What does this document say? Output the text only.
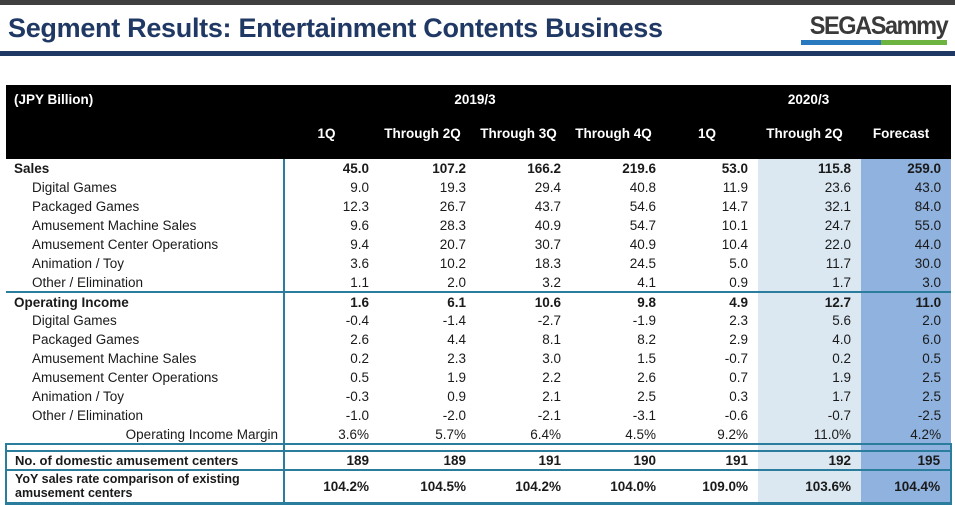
Segment Results: Entertainment Contents Business	SEGASammy
(JPY Billion)	2019/3				2020/3		
	1Q	Through 2Q	Through 3Q	Through 4Q	1Q	Through 2Q	Forecast
Sales	45.0	107.2	166.2	219.6	53.0	115.8	259.0
Digital Games	9.0	19.3	29.4	40.8	11.9	23.6	43.0
Packaged Games	12.3	26.7	43.7	54.6	14.7	32.1	84.0
Amusement Machine Sales	9.6	28.3	40.9	54.7	10.1	24.7	55.0
Amusement Center Operations	9.4	20.7	30.7	40.9	10.4	22.0	44.0
Animation / Toy	3.6	10.2	18.3	24.5	5.0	11.7	30.0
Other / Elimination	1.1	2.0	3.2	4.1	0.9	1.7	3.0
Operating Income	1.6	6.1	10.6	9.8	4.9	12.7	11.0
Digital Games	-0.4	-1.4	-2.7	-1.9	2.3	5.6	2.0
Packaged Games	2.6	4.4	8.1	8.2	2.9	4.0	6.0
Amusement Machine Sales	0.2	2.3	3.0	1.5	-0.7	0.2	0.5
Amusement Center Operations	0.5	1.9	2.2	2.6	0.7	1.9	2.5
Animation / Toy	-0.3	0.9	2.1	2.5	0.3	1.7	2.5
Other / Elimination	-1.0	-2.0	-2.1	-3.1	-0.6	-0.7	-2.5
Operating Income Margin	3.6%	5.7%	6.4%	4.5%	9.2%	11.0%	4.2%

No. of domestic amusement centers	189	189	191	190	191	192	195
YoY sales rate comparison of existing amusement centers	104.2%	104.5%	104.2%	104.0%	109.0%	103.6%	104.4%
